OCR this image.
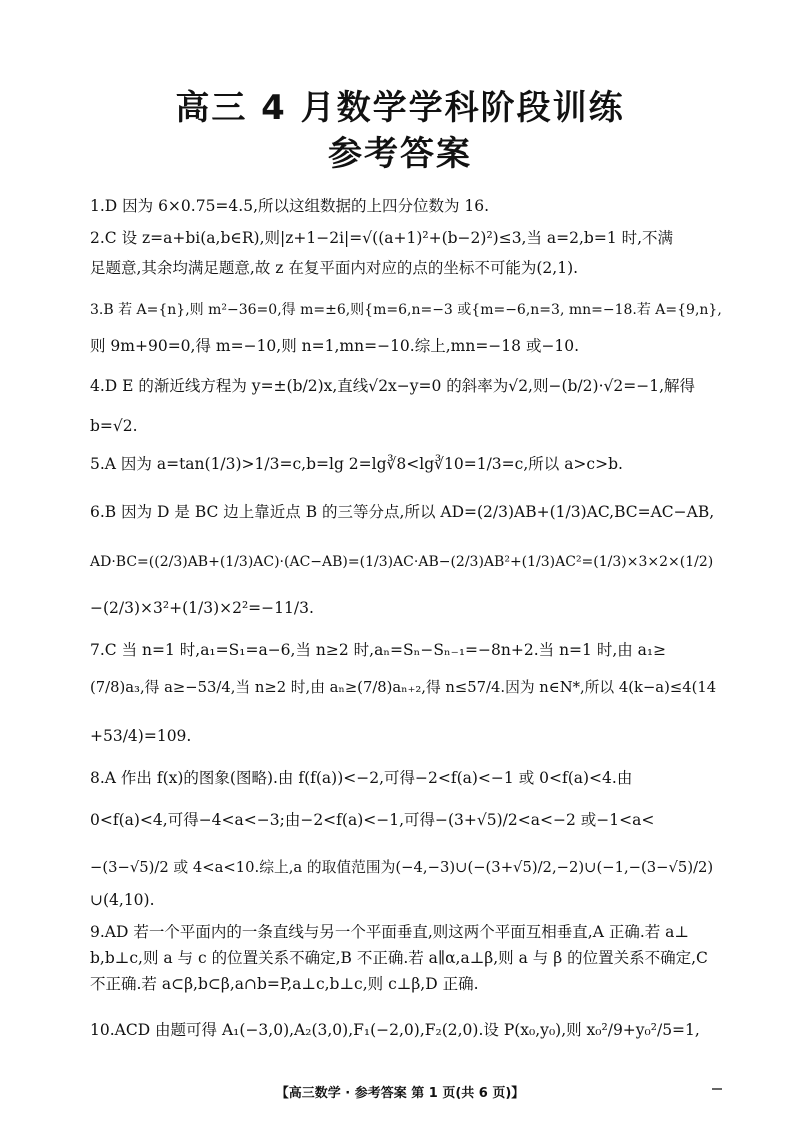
高三 4 月数学学科阶段训练
参考答案
1.D 因为 6×0.75=4.5,所以这组数据的上四分位数为 16.
2.C 设 z=a+bi(a,b∈R),则|z+1−2i|=√((a+1)²+(b−2)²)≤3,当 a=2,b=1 时,不满
足题意,其余均满足题意,故 z 在复平面内对应的点的坐标不可能为(2,1).
3.B 若 A={n},则 m²−36=0,得 m=±6,则{m=6,n=−3 或{m=−6,n=3, mn=−18.若 A={9,n},
则 9m+90=0,得 m=−10,则 n=1,mn=−10.综上,mn=−18 或−10.
4.D E 的渐近线方程为 y=±(b/2)x,直线√2x−y=0 的斜率为√2,则−(b/2)·√2=−1,解得
b=√2.
5.A 因为 a=tan(1/3)>1/3=c,b=lg 2=lg∛8<lg∛10=1/3=c,所以 a>c>b.
6.B 因为 D 是 BC 边上靠近点 B 的三等分点,所以 AD=(2/3)AB+(1/3)AC,BC=AC−AB,
AD·BC=((2/3)AB+(1/3)AC)·(AC−AB)=(1/3)AC·AB−(2/3)AB²+(1/3)AC²=(1/3)×3×2×(1/2)
−(2/3)×3²+(1/3)×2²=−11/3.
7.C 当 n=1 时,a₁=S₁=a−6,当 n≥2 时,aₙ=Sₙ−Sₙ₋₁=−8n+2.当 n=1 时,由 a₁≥
(7/8)a₃,得 a≥−53/4,当 n≥2 时,由 aₙ≥(7/8)aₙ₊₂,得 n≤57/4.因为 n∈N*,所以 4(k−a)≤4(14
+53/4)=109.
8.A 作出 f(x)的图象(图略).由 f(f(a))<−2,可得−2<f(a)<−1 或 0<f(a)<4.由
0<f(a)<4,可得−4<a<−3;由−2<f(a)<−1,可得−(3+√5)/2<a<−2 或−1<a<
−(3−√5)/2 或 4<a<10.综上,a 的取值范围为(−4,−3)∪(−(3+√5)/2,−2)∪(−1,−(3−√5)/2)
∪(4,10).
9.AD 若一个平面内的一条直线与另一个平面垂直,则这两个平面互相垂直,A 正确.若 a⊥
b,b⊥c,则 a 与 c 的位置关系不确定,B 不正确.若 a∥α,a⊥β,则 a 与 β 的位置关系不确定,C
不正确.若 a⊂β,b⊂β,a∩b=P,a⊥c,b⊥c,则 c⊥β,D 正确.
10.ACD 由题可得 A₁(−3,0),A₂(3,0),F₁(−2,0),F₂(2,0).设 P(x₀,y₀),则 x₀²/9+y₀²/5=1,
【高三数学 · 参考答案 第 1 页(共 6 页)】
